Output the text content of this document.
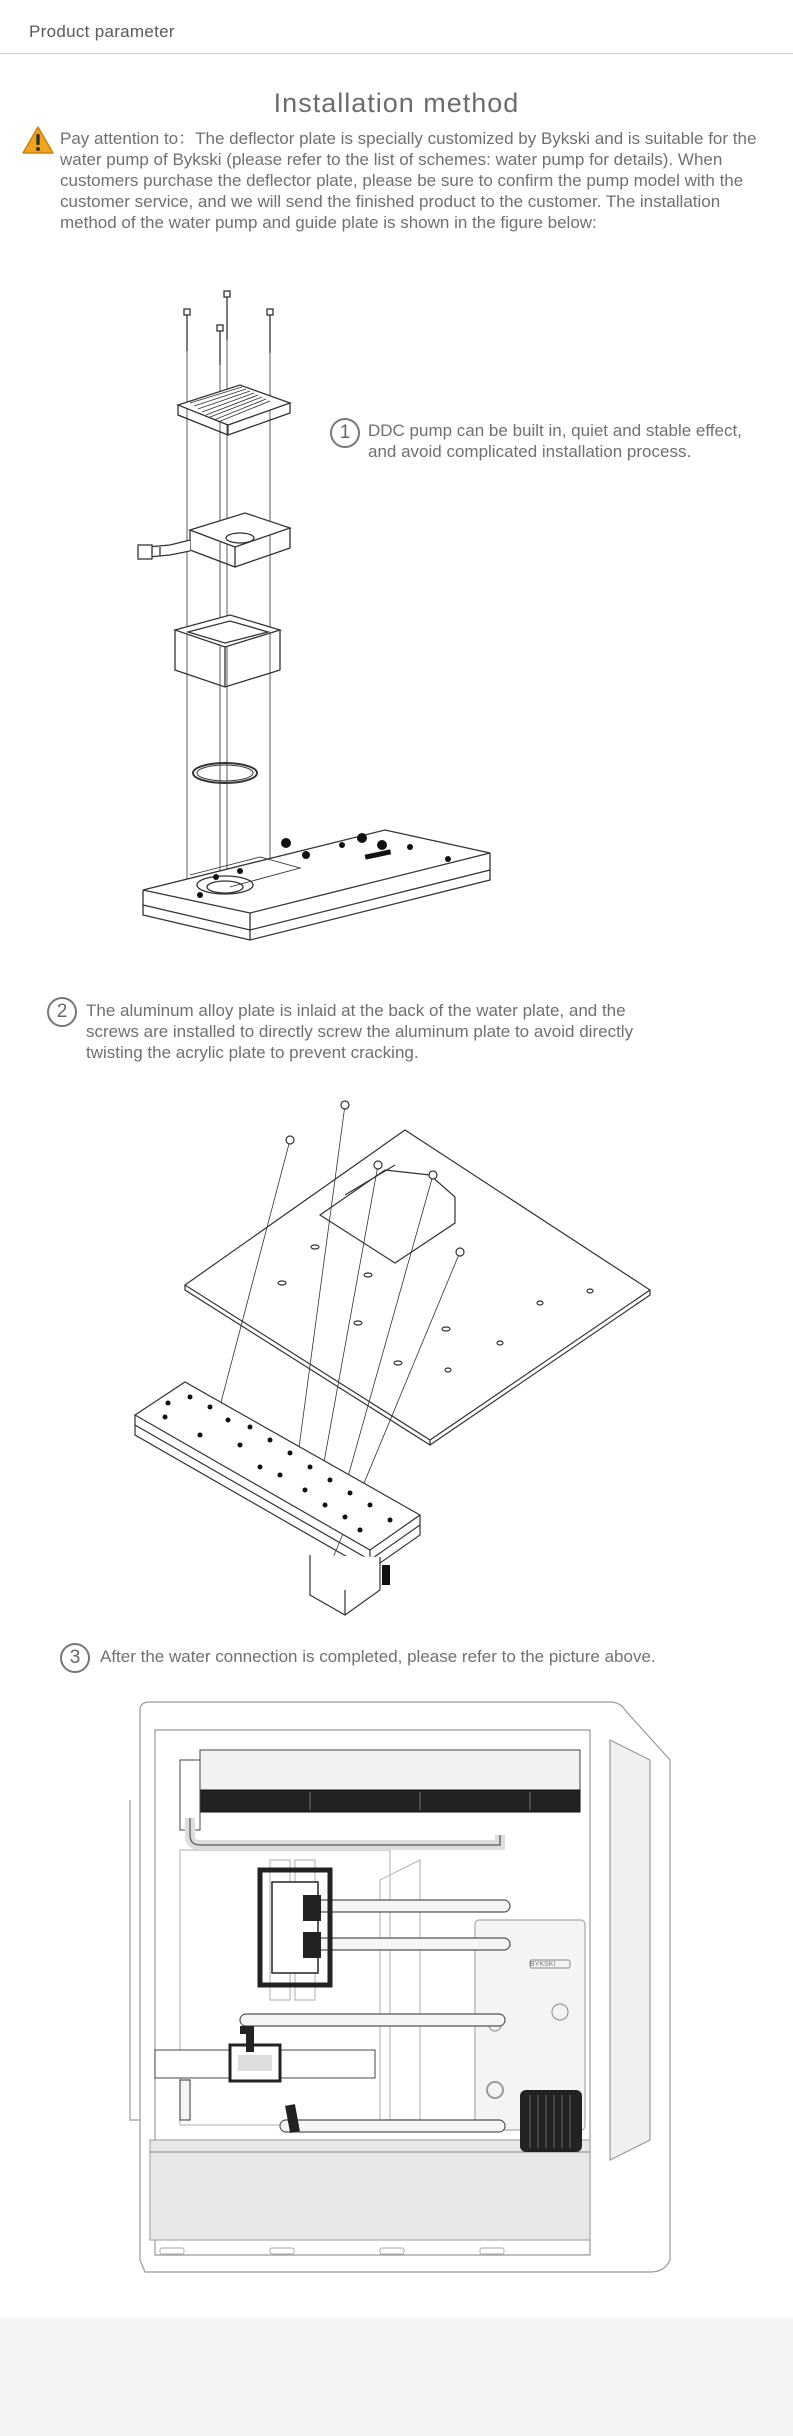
Product parameter
Installation method
Pay attention to：The deflector plate is specially customized by Bykski and is suitable for the water pump of Bykski (please refer to the list of schemes: water pump for details). When customers purchase the deflector plate, please be sure to confirm the pump model with the customer service, and we will send the finished product to the customer. The installation method of the water pump and guide plate is shown in the figure below:
1	DDC pump can be built in, quiet and stable effect, and avoid complicated installation process.
2	The aluminum alloy plate is inlaid at the back of the water plate, and the screws are installed to directly screw the aluminum plate to avoid directly twisting the acrylic plate to prevent cracking.
3	After the water connection is completed, please refer to the picture above.
BYKSKI
